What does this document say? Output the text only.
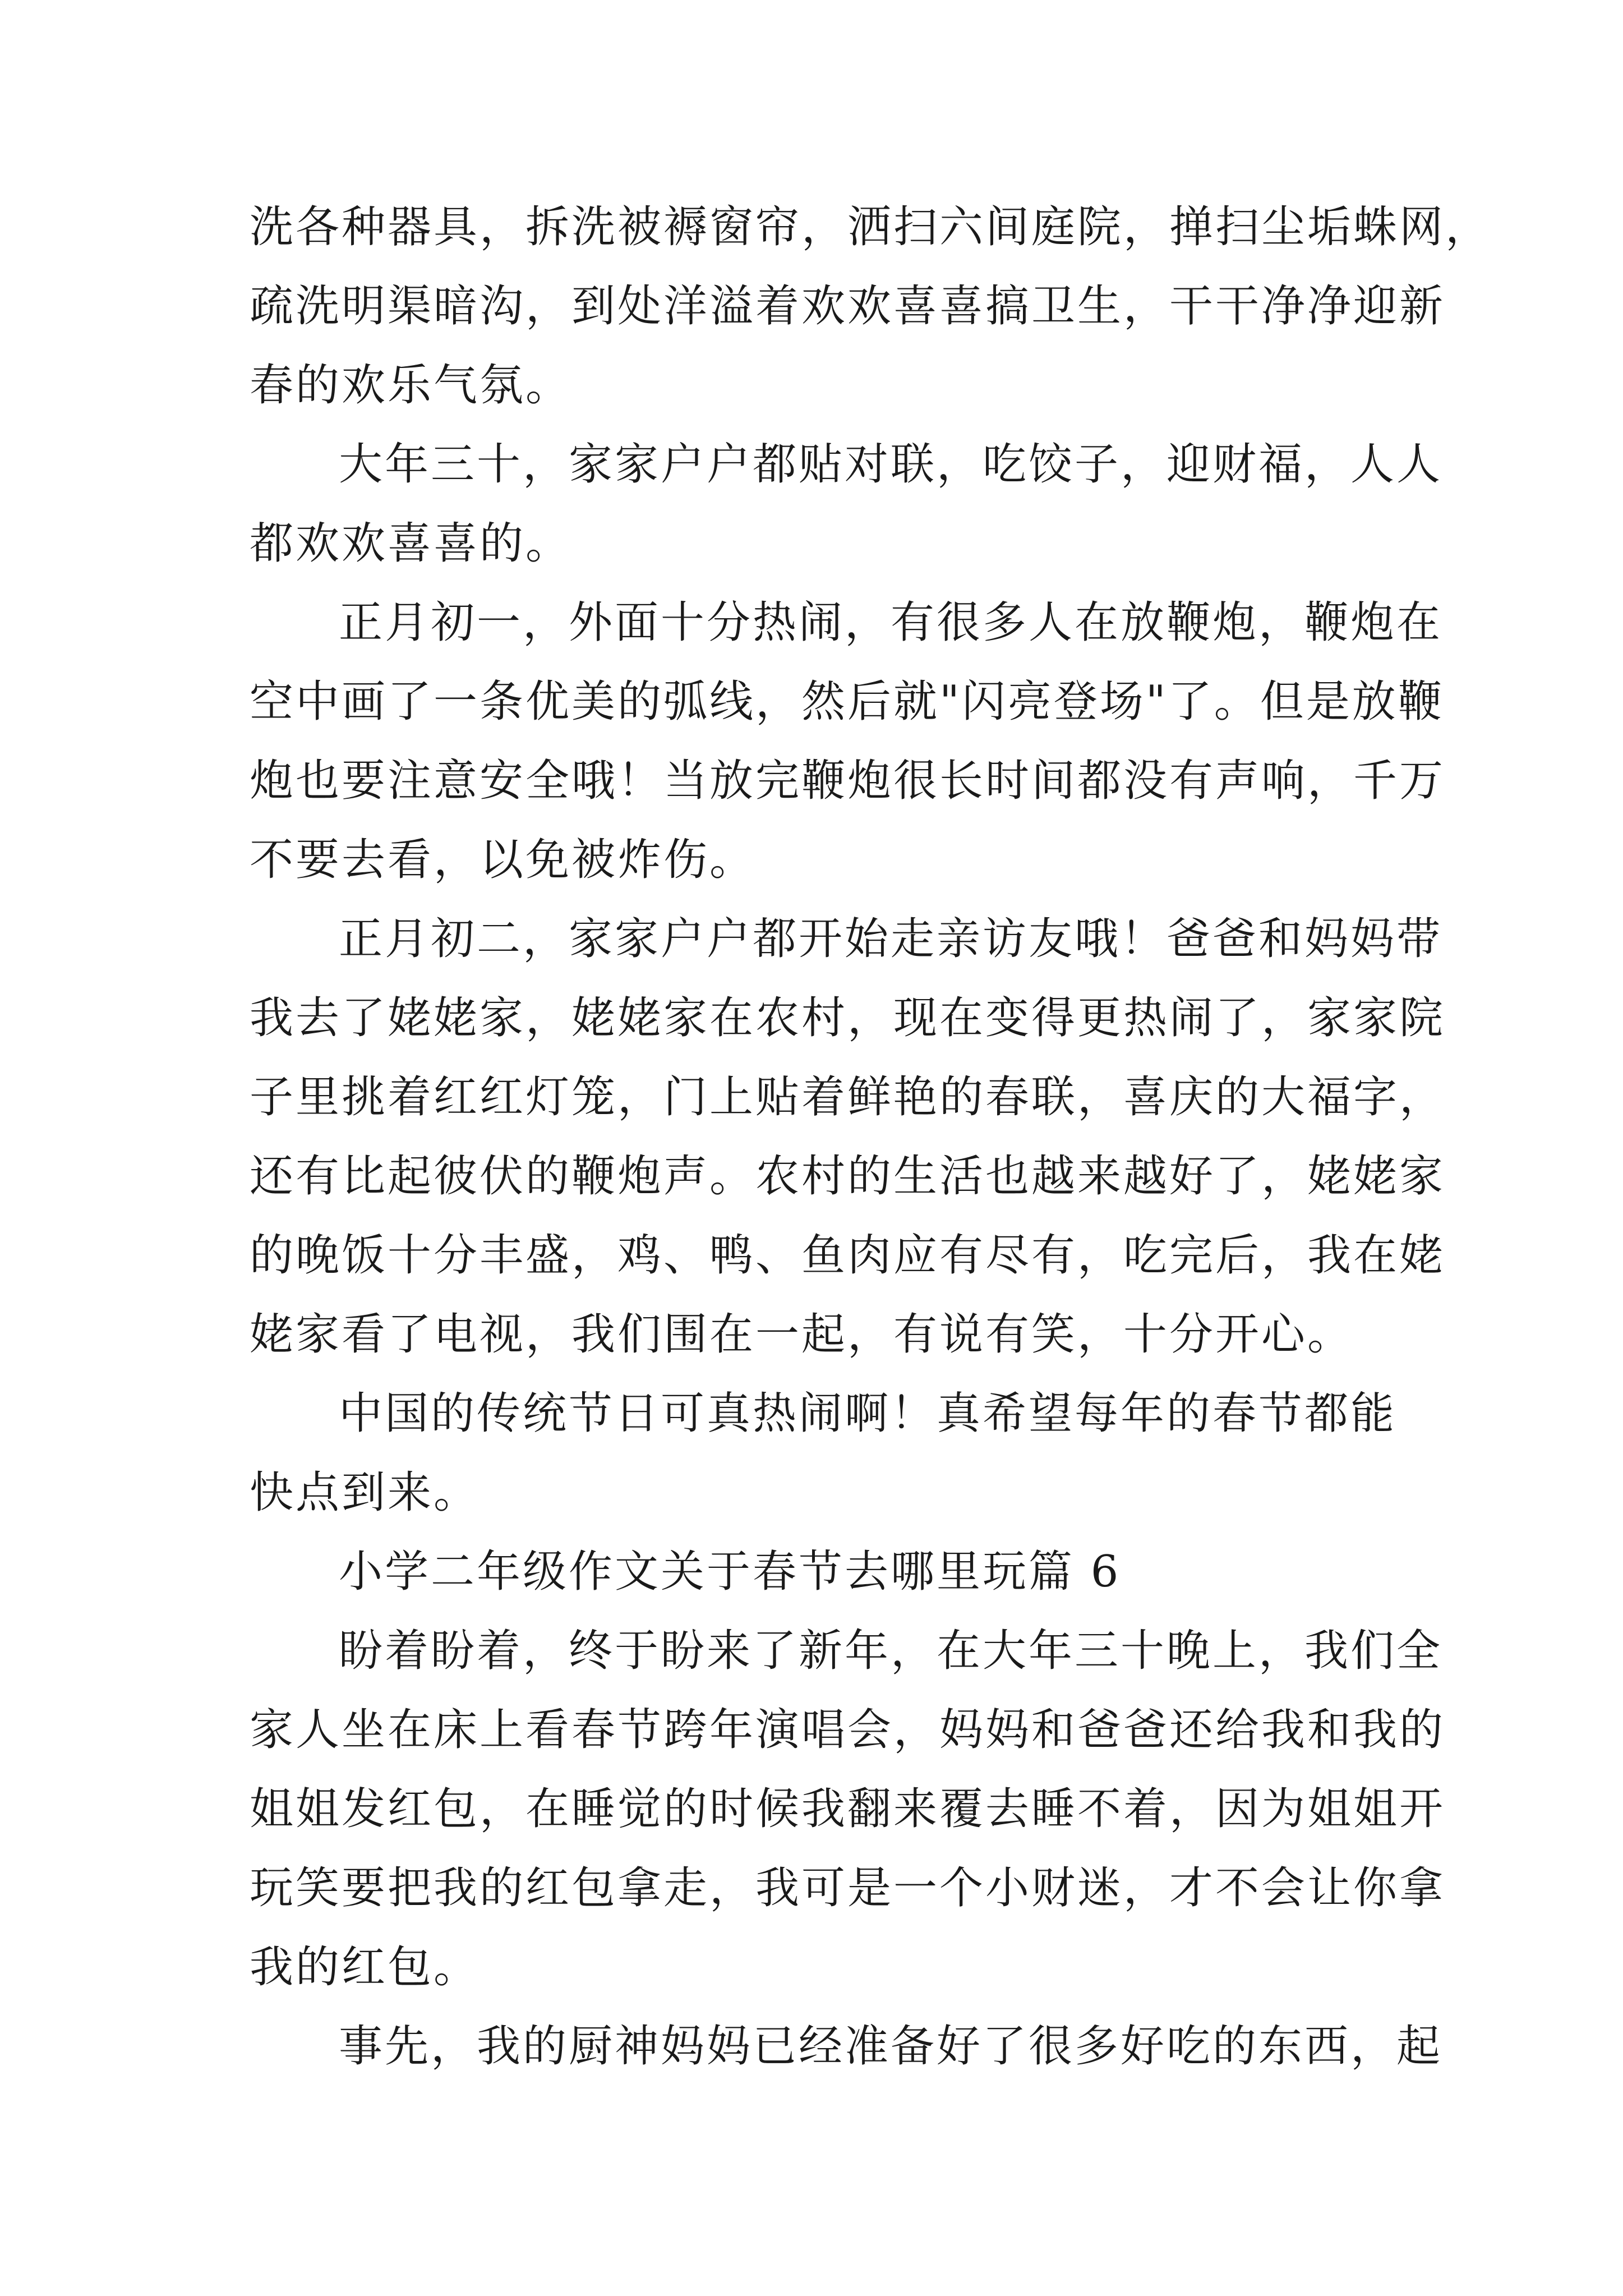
洗各种器具，拆洗被褥窗帘，洒扫六间庭院，掸扫尘垢蛛网，
疏洗明渠暗沟，到处洋溢着欢欢喜喜搞卫生，干干净净迎新
春的欢乐气氛。
大年三十，家家户户都贴对联，吃饺子，迎财福，人人
都欢欢喜喜的。
正月初一，外面十分热闹，有很多人在放鞭炮，鞭炮在
空中画了一条优美的弧线，然后就"闪亮登场"了。但是放鞭
炮也要注意安全哦！当放完鞭炮很长时间都没有声响，千万
不要去看，以免被炸伤。
正月初二，家家户户都开始走亲访友哦！爸爸和妈妈带
我去了姥姥家，姥姥家在农村，现在变得更热闹了，家家院
子里挑着红红灯笼，门上贴着鲜艳的春联，喜庆的大福字，
还有比起彼伏的鞭炮声。农村的生活也越来越好了，姥姥家
的晚饭十分丰盛，鸡、鸭、鱼肉应有尽有，吃完后，我在姥
姥家看了电视，我们围在一起，有说有笑，十分开心。
中国的传统节日可真热闹啊！真希望每年的春节都能
快点到来。
小学二年级作文关于春节去哪里玩篇 6
盼着盼着，终于盼来了新年，在大年三十晚上，我们全
家人坐在床上看春节跨年演唱会，妈妈和爸爸还给我和我的
姐姐发红包，在睡觉的时候我翻来覆去睡不着，因为姐姐开
玩笑要把我的红包拿走，我可是一个小财迷，才不会让你拿
我的红包。
事先，我的厨神妈妈已经准备好了很多好吃的东西，起
